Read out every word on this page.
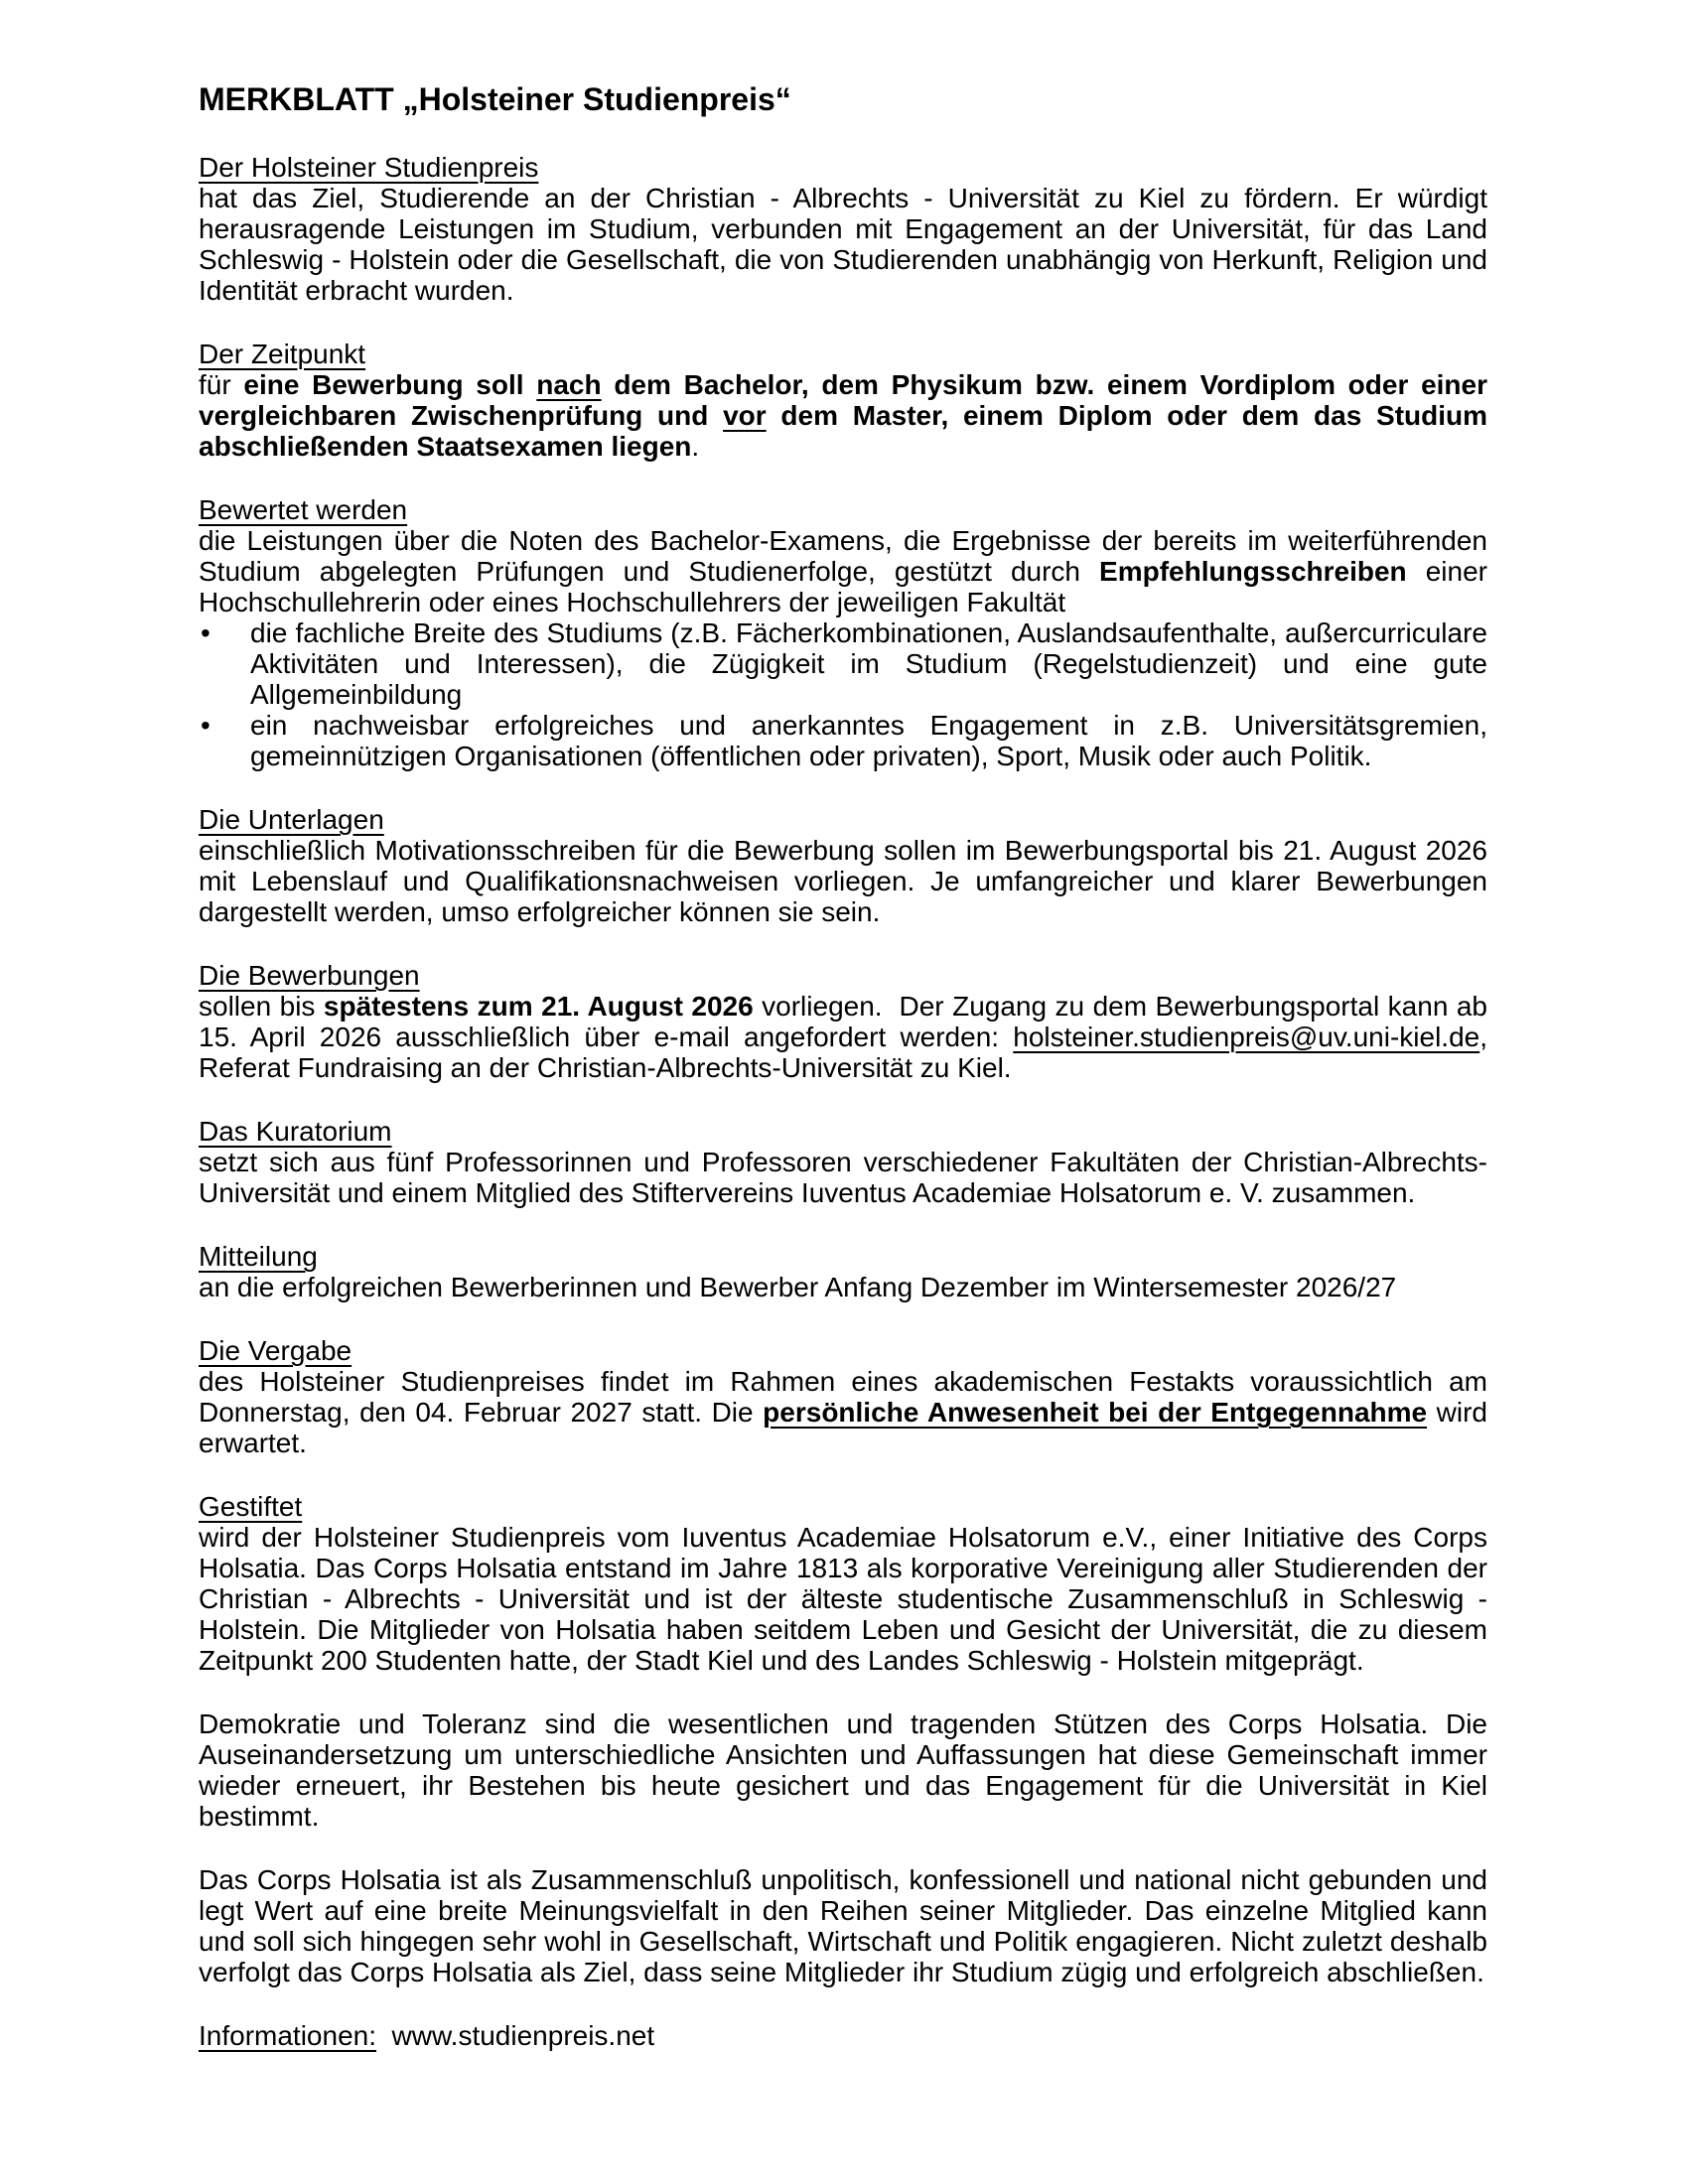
MERKBLATT „Holsteiner Studienpreis“
Der Holsteiner Studienpreis

hat das Ziel, Studierende an der Christian - Albrechts - Universität zu Kiel zu fördern. Er würdigt herausragende Leistungen im Studium, verbunden mit Engagement an der Universität, für das Land Schleswig - Holstein oder die Gesellschaft, die von Studierenden unabhängig von Herkunft, Religion und Identität erbracht wurden.

Der Zeitpunkt

für eine Bewerbung soll nach dem Bachelor, dem Physikum bzw. einem Vordiplom oder einer vergleichbaren Zwischenprüfung und vor dem Master, einem Diplom oder dem das Studium abschließenden Staatsexamen liegen.

Bewertet werden

die Leistungen über die Noten des Bachelor-Examens, die Ergebnisse der bereits im weiterführenden Studium abgelegten Prüfungen und Studienerfolge, gestützt durch Empfehlungsschreiben einer Hochschullehrerin oder eines Hochschullehrers der jeweiligen Fakultät

• die fachliche Breite des Studiums (z.B. Fächerkombinationen, Auslandsaufenthalte, außercurriculare Aktivitäten und Interessen), die Zügigkeit im Studium (Regelstudienzeit) und eine gute Allgemeinbildung
• ein nachweisbar erfolgreiches und anerkanntes Engagement in z.B. Universitätsgremien, gemeinnützigen Organisationen (öffentlichen oder privaten), Sport, Musik oder auch Politik.
Die Unterlagen

einschließlich Motivationsschreiben für die Bewerbung sollen im Bewerbungsportal bis 21. August 2026 mit Lebenslauf und Qualifikationsnachweisen vorliegen. Je umfangreicher und klarer Bewerbungen dargestellt werden, umso erfolgreicher können sie sein.

Die Bewerbungen

sollen bis spätestens zum 21. August 2026 vorliegen.  Der Zugang zu dem Bewerbungsportal kann ab 15. April 2026 ausschließlich über e-mail angefordert werden: holsteiner.studienpreis@uv.uni-kiel.de, Referat Fundraising an der Christian-Albrechts-Universität zu Kiel.

Das Kuratorium

setzt sich aus fünf Professorinnen und Professoren verschiedener Fakultäten der Christian-Albrechts-Universität und einem Mitglied des Stiftervereins Iuventus Academiae Holsatorum e. V. zusammen.

Mitteilung

an die erfolgreichen Bewerberinnen und Bewerber Anfang Dezember im Wintersemester 2026/27

Die Vergabe

des Holsteiner Studienpreises findet im Rahmen eines akademischen Festakts voraussichtlich am Donnerstag, den 04. Februar 2027 statt. Die persönliche Anwesenheit bei der Entgegennahme wird erwartet.

Gestiftet

wird der Holsteiner Studienpreis vom Iuventus Academiae Holsatorum e.V., einer Initiative des Corps Holsatia. Das Corps Holsatia entstand im Jahre 1813 als korporative Vereinigung aller Studierenden der Christian - Albrechts - Universität und ist der älteste studentische Zusammenschluß in Schleswig - Holstein. Die Mitglieder von Holsatia haben seitdem Leben und Gesicht der Universität, die zu diesem Zeitpunkt 200 Studenten hatte, der Stadt Kiel und des Landes Schleswig - Holstein mitgeprägt.

Demokratie und Toleranz sind die wesentlichen und tragenden Stützen des Corps Holsatia. Die Auseinandersetzung um unterschiedliche Ansichten und Auffassungen hat diese Gemeinschaft immer wieder erneuert, ihr Bestehen bis heute gesichert und das Engagement für die Universität in Kiel bestimmt.

Das Corps Holsatia ist als Zusammenschluß unpolitisch, konfessionell und national nicht gebunden und legt Wert auf eine breite Meinungsvielfalt in den Reihen seiner Mitglieder. Das einzelne Mitglied kann und soll sich hingegen sehr wohl in Gesellschaft, Wirtschaft und Politik engagieren. Nicht zuletzt deshalb verfolgt das Corps Holsatia als Ziel, dass seine Mitglieder ihr Studium zügig und erfolgreich abschließen.

Informationen:  www.studienpreis.net
